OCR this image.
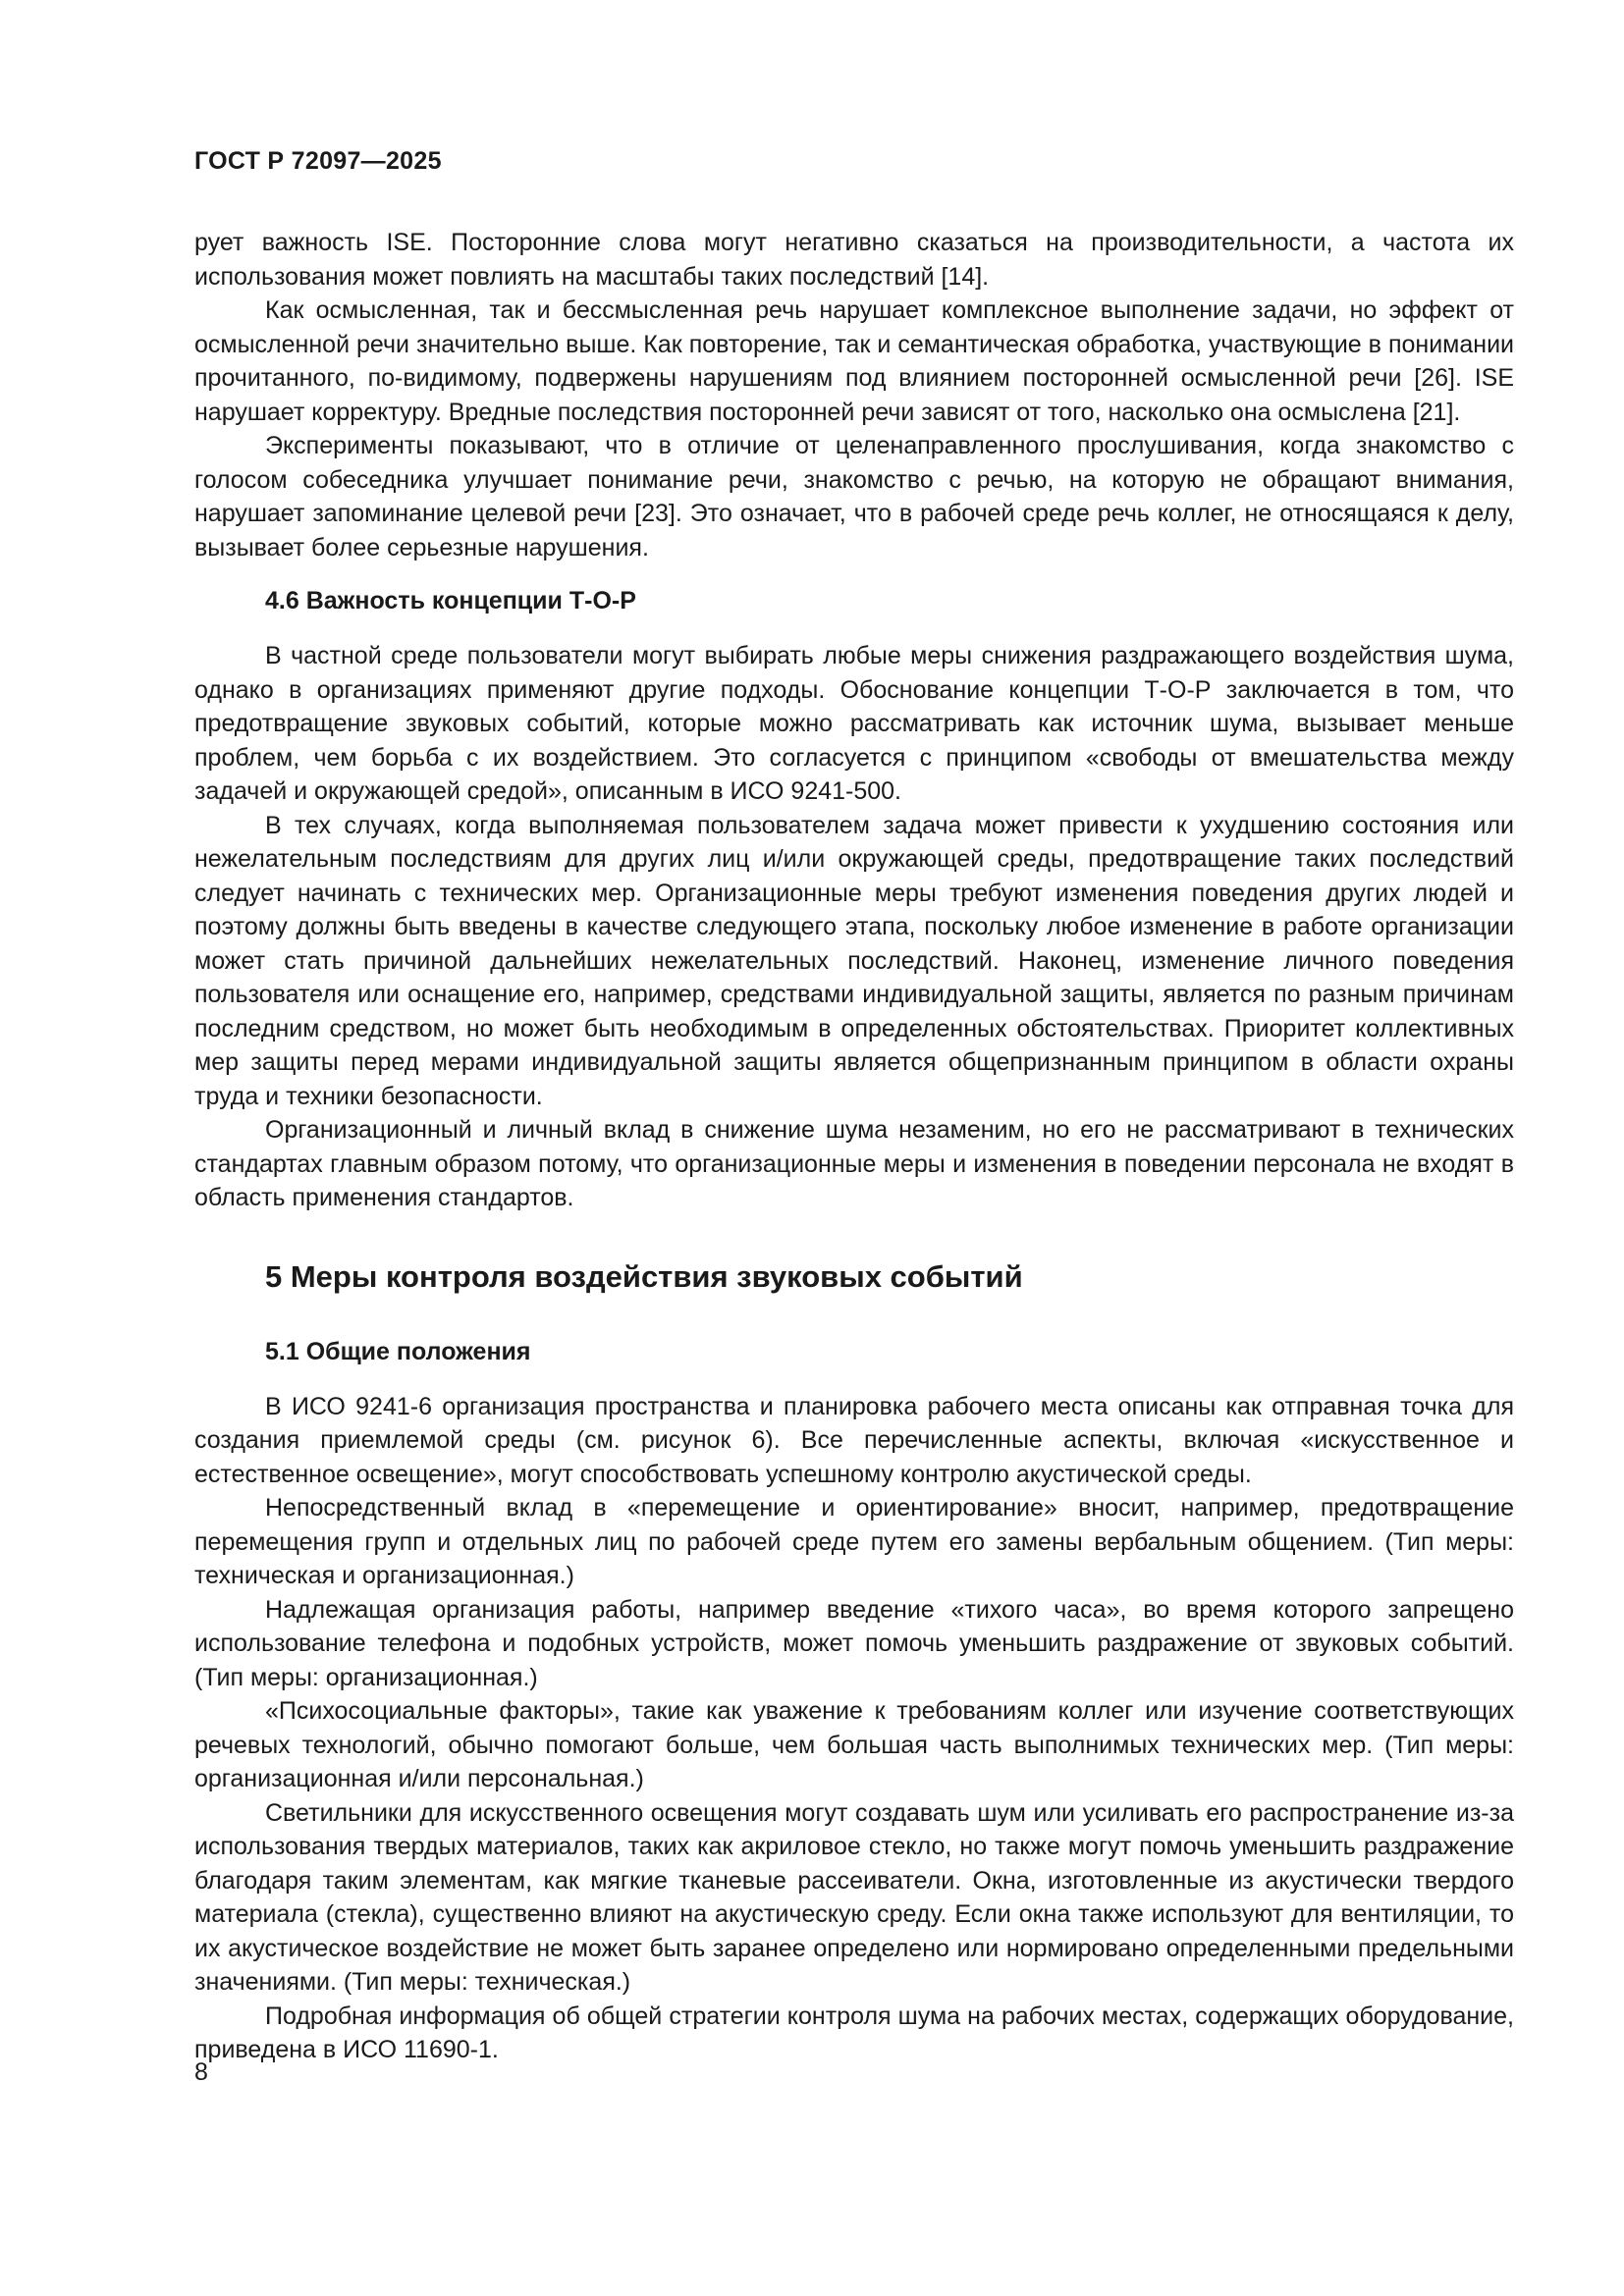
ГОСТ Р 72097—2025

рует важность ISE. Посторонние слова могут негативно сказаться на производительности, а частота их использования может повлиять на масштабы таких последствий [14].

Как осмысленная, так и бессмысленная речь нарушает комплексное выполнение задачи, но эффект от осмысленной речи значительно выше. Как повторение, так и семантическая обработка, участвующие в понимании прочитанного, по-видимому, подвержены нарушениям под влиянием посторонней осмысленной речи [26]. ISE нарушает корректуру. Вредные последствия посторонней речи зависят от того, насколько она осмыслена [21].

Эксперименты показывают, что в отличие от целенаправленного прослушивания, когда знакомство с голосом собеседника улучшает понимание речи, знакомство с речью, на которую не обращают внимания, нарушает запоминание целевой речи [23]. Это означает, что в рабочей среде речь коллег, не относящаяся к делу, вызывает более серьезные нарушения.

4.6 Важность концепции Т-О-Р

В частной среде пользователи могут выбирать любые меры снижения раздражающего воздействия шума, однако в организациях применяют другие подходы. Обоснование концепции Т-О-Р заключается в том, что предотвращение звуковых событий, которые можно рассматривать как источник шума, вызывает меньше проблем, чем борьба с их воздействием. Это согласуется с принципом «свободы от вмешательства между задачей и окружающей средой», описанным в ИСО 9241-500.

В тех случаях, когда выполняемая пользователем задача может привести к ухудшению состояния или нежелательным последствиям для других лиц и/или окружающей среды, предотвращение таких последствий следует начинать с технических мер. Организационные меры требуют изменения поведения других людей и поэтому должны быть введены в качестве следующего этапа, поскольку любое изменение в работе организации может стать причиной дальнейших нежелательных последствий. Наконец, изменение личного поведения пользователя или оснащение его, например, средствами индивидуальной защиты, является по разным причинам последним средством, но может быть необходимым в определенных обстоятельствах. Приоритет коллективных мер защиты перед мерами индивидуальной защиты является общепризнанным принципом в области охраны труда и техники безопасности.

Организационный и личный вклад в снижение шума незаменим, но его не рассматривают в технических стандартах главным образом потому, что организационные меры и изменения в поведении персонала не входят в область применения стандартов.

5 Меры контроля воздействия звуковых событий
5.1 Общие положения

В ИСО 9241-6 организация пространства и планировка рабочего места описаны как отправная точка для создания приемлемой среды (см. рисунок 6). Все перечисленные аспекты, включая «искусственное и естественное освещение», могут способствовать успешному контролю акустической среды.

Непосредственный вклад в «перемещение и ориентирование» вносит, например, предотвращение перемещения групп и отдельных лиц по рабочей среде путем его замены вербальным общением. (Тип меры: техническая и организационная.)

Надлежащая организация работы, например введение «тихого часа», во время которого запрещено использование телефона и подобных устройств, может помочь уменьшить раздражение от звуковых событий. (Тип меры: организационная.)

«Психосоциальные факторы», такие как уважение к требованиям коллег или изучение соответствующих речевых технологий, обычно помогают больше, чем большая часть выполнимых технических мер. (Тип меры: организационная и/или персональная.)

Светильники для искусственного освещения могут создавать шум или усиливать его распространение из-за использования твердых материалов, таких как акриловое стекло, но также могут помочь уменьшить раздражение благодаря таким элементам, как мягкие тканевые рассеиватели. Окна, изготовленные из акустически твердого материала (стекла), существенно влияют на акустическую среду. Если окна также используют для вентиляции, то их акустическое воздействие не может быть заранее определено или нормировано определенными предельными значениями. (Тип меры: техническая.)

Подробная информация об общей стратегии контроля шума на рабочих местах, содержащих оборудование, приведена в ИСО 11690-1.

8
